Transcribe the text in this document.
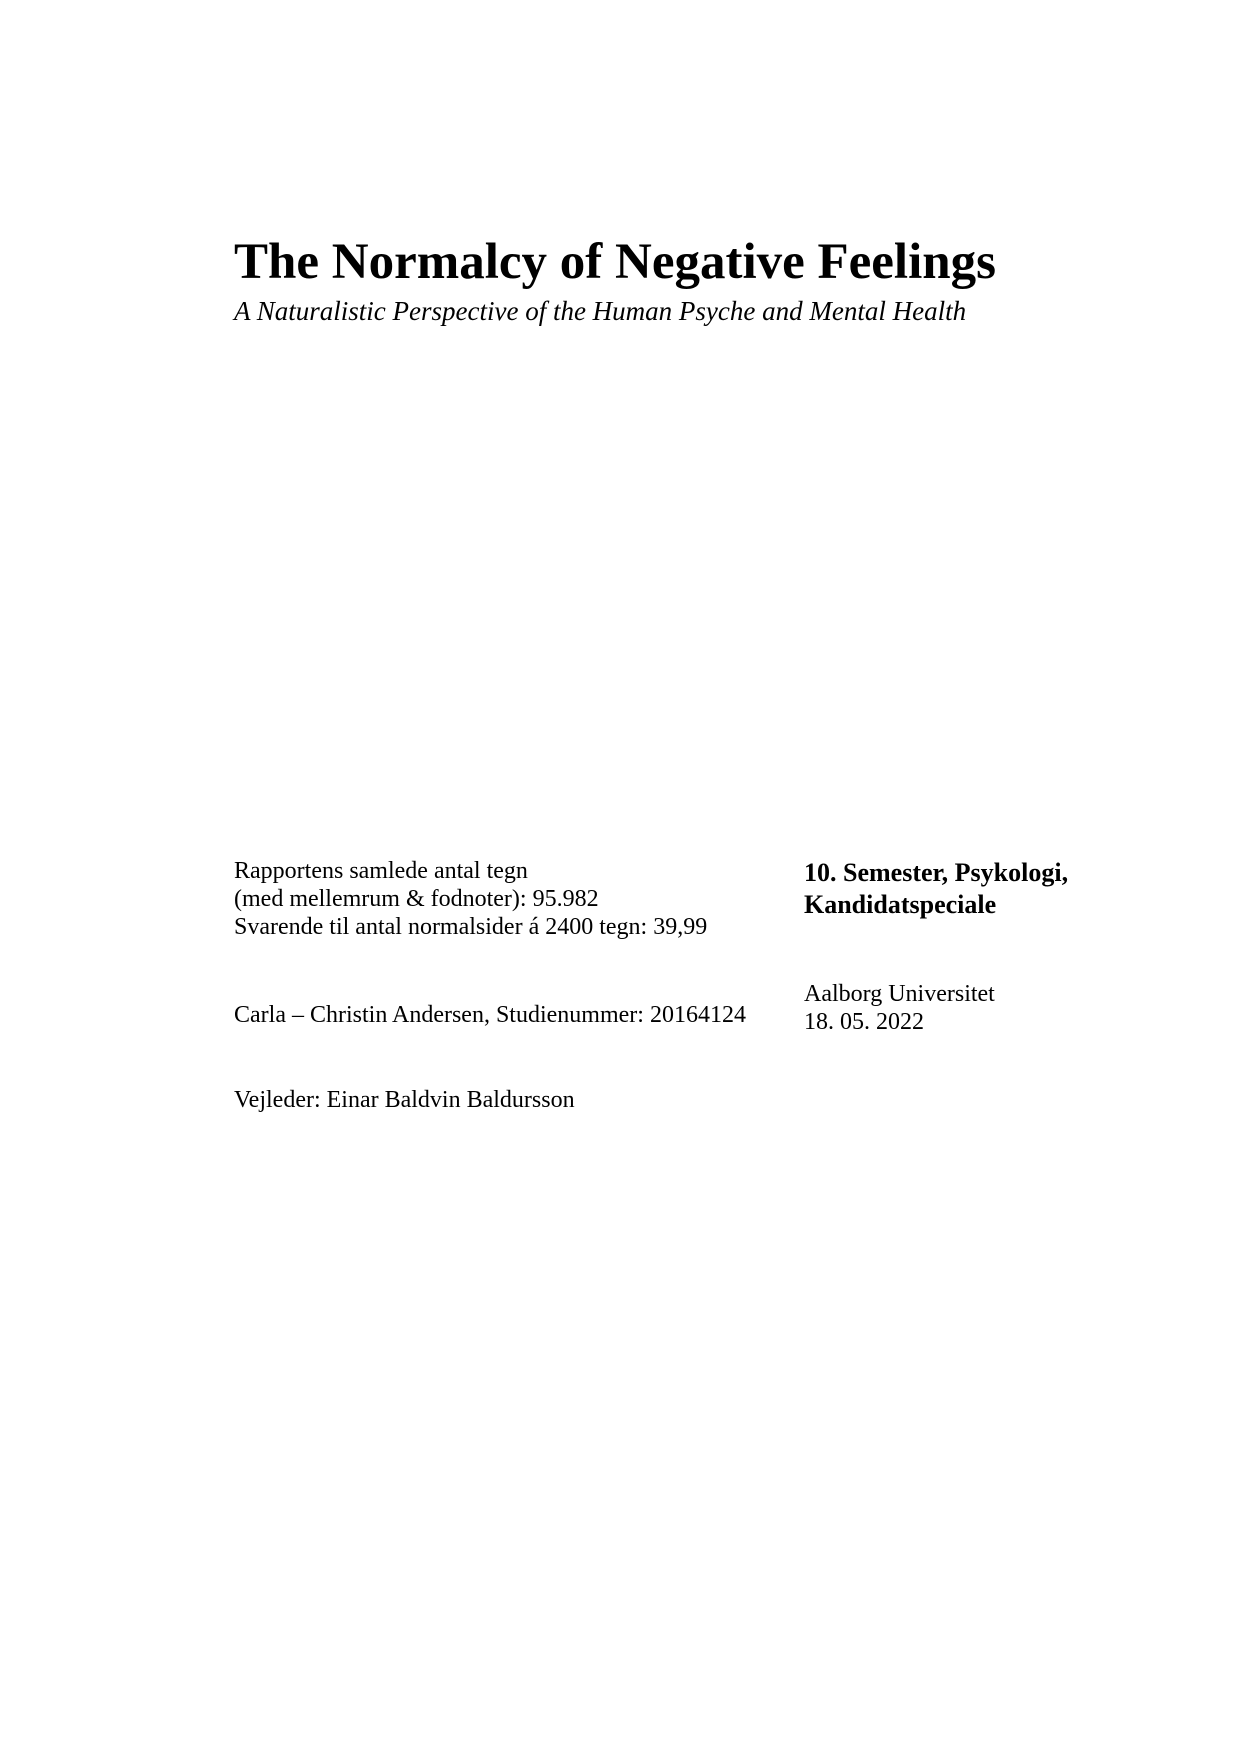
The Normalcy of Negative Feelings
A Naturalistic Perspective of the Human Psyche and Mental Health
Rapportens samlede antal tegn
(med mellemrum & fodnoter): 95.982
Svarende til antal normalsider á 2400 tegn: 39,99
Carla – Christin Andersen, Studienummer: 20164124
Vejleder: Einar Baldvin Baldursson
10. Semester, Psykologi,
Kandidatspeciale
Aalborg Universitet
18. 05. 2022
